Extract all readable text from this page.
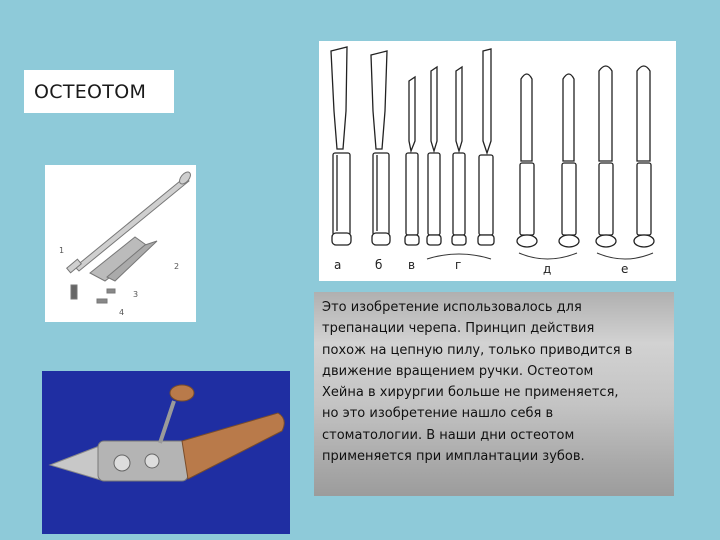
ОСТЕОТОМ
а	б в	г	д	е
1
2
3
4	Это изобретение использовалось для
трепанации черепа. Принцип действия
похож на цепную пилу, только приводится в
движение вращением ручки. Остеотом
Хейна в хирургии больше не применяется,
но это изобретение нашло себя в
стоматологии. В наши дни остеотом
применяется при имплантации зубов.
